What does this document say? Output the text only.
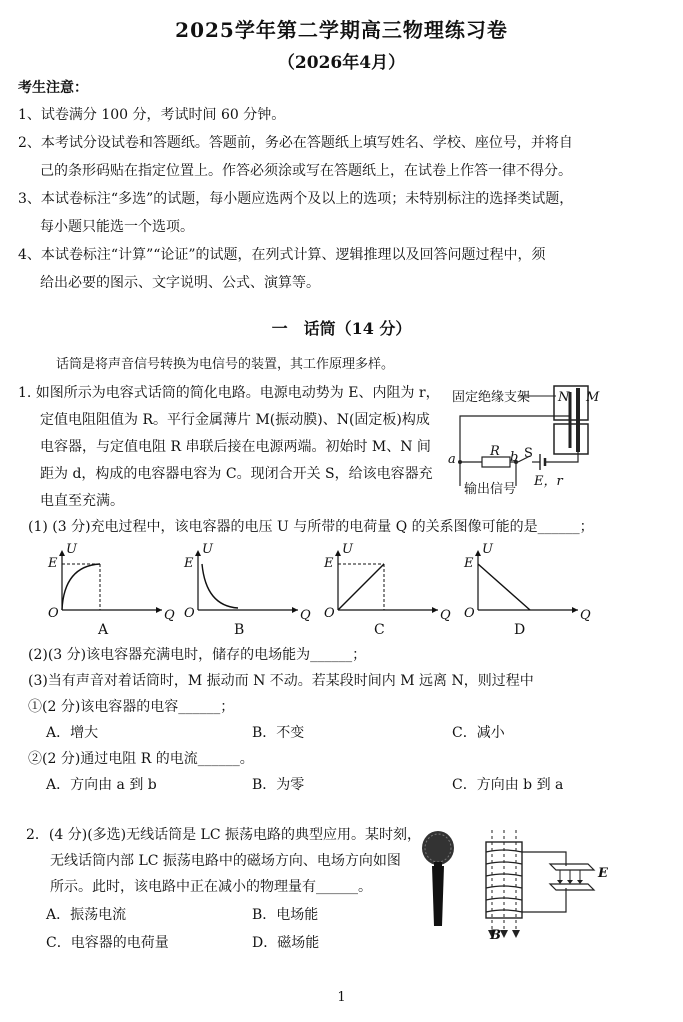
2025学年第二学期高三物理练习卷
（2026年4月）
考生注意：
1、试卷满分 100 分，考试时间 60 分钟。
2、本考试分设试卷和答题纸。答题前，务必在答题纸上填写姓名、学校、座位号，并将自
己的条形码贴在指定位置上。作答必须涂或写在答题纸上，在试卷上作答一律不得分。
3、本试卷标注“多选”的试题，每小题应选两个及以上的选项；未特别标注的选择类试题，
每小题只能选一个选项。
4、本试卷标注“计算”“论证”的试题，在列式计算、逻辑推理以及回答问题过程中，须
给出必要的图示、文字说明、公式、演算等。
一　话筒（14 分）
话筒是将声音信号转换为电信号的装置，其工作原理多样。
1. 如图所示为电容式话筒的简化电路。电源电动势为 E、内阻为 r，
定值电阻阻值为 R。平行金属薄片 M(振动膜)、N(固定板)构成
电容器，与定值电阻 R 串联后接在电源两端。初始时 M、N 间
距为 d，构成的电容器电容为 C。现闭合开关 S，给该电容器充
电直至充满。
固定绝缘支架 N M
a	b
R S
E，r
输出信号
(1) (3 分)充电过程中，该电容器的电压 U 与所带的电荷量 Q 的关系图像可能的是______；
U
E
O	Q
A
U
E
O	Q
B
U
E
O	Q
C
U
E
O	Q
D
(2)(3 分)该电容器充满电时，储存的电场能为______；
(3)当有声音对着话筒时，M 振动而 N 不动。若某段时间内 M 远离 N，则过程中
①(2 分)该电容器的电容______；
A．增大	B．不变	C．减小
②(2 分)通过电阻 R 的电流______。
A．方向由 a 到 b	B．为零	C．方向由 b 到 a
2．(4 分)(多选)无线话筒是 LC 振荡电路的典型应用。某时刻，
无线话筒内部 LC 振荡电路中的磁场方向、电场方向如图
所示。此时，该电路中正在减小的物理量有______。
A．振荡电流	B．电场能
C．电容器的电荷量	D．磁场能
E
B
1
